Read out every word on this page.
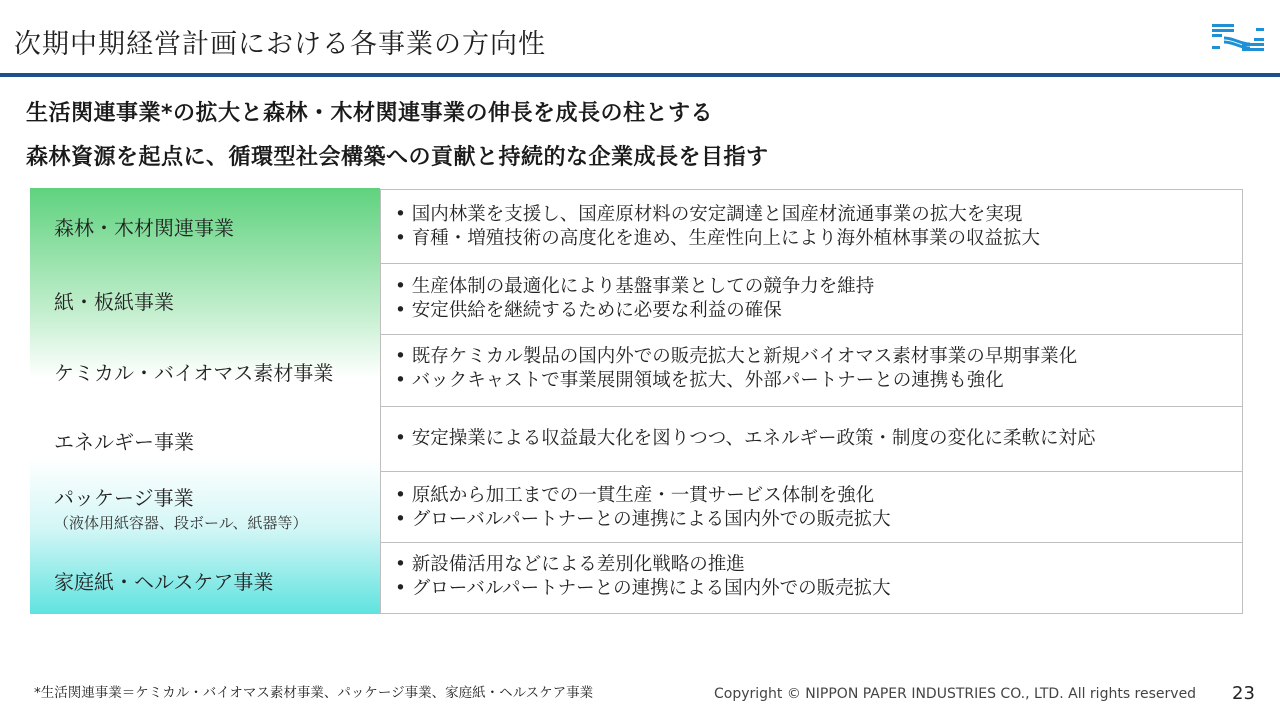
次期中期経営計画における各事業の方向性
生活関連事業*の拡大と森林・木材関連事業の伸長を成長の柱とする
森林資源を起点に、循環型社会構築への貢献と持続的な企業成長を目指す
森林・木材関連事業
紙・板紙事業
ケミカル・バイオマス素材事業
エネルギー事業
パッケージ事業
（液体用紙容器、段ボール、紙器等）
家庭紙・ヘルスケア事業
• 国内林業を支援し、国産原材料の安定調達と国産材流通事業の拡大を実現
• 育種・増殖技術の高度化を進め、生産性向上により海外植林事業の収益拡大
• 生産体制の最適化により基盤事業としての競争力を維持
• 安定供給を継続するために必要な利益の確保
• 既存ケミカル製品の国内外での販売拡大と新規バイオマス素材事業の早期事業化
• バックキャストで事業展開領域を拡大、外部パートナーとの連携も強化
• 安定操業による収益最大化を図りつつ、エネルギー政策・制度の変化に柔軟に対応
• 原紙から加工までの一貫生産・一貫サービス体制を強化
• グローバルパートナーとの連携による国内外での販売拡大
• 新設備活用などによる差別化戦略の推進
• グローバルパートナーとの連携による国内外での販売拡大
*生活関連事業＝ケミカル・バイオマス素材事業、パッケージ事業、家庭紙・ヘルスケア事業	Copyright © NIPPON PAPER INDUSTRIES CO., LTD. All rights reserved 23
